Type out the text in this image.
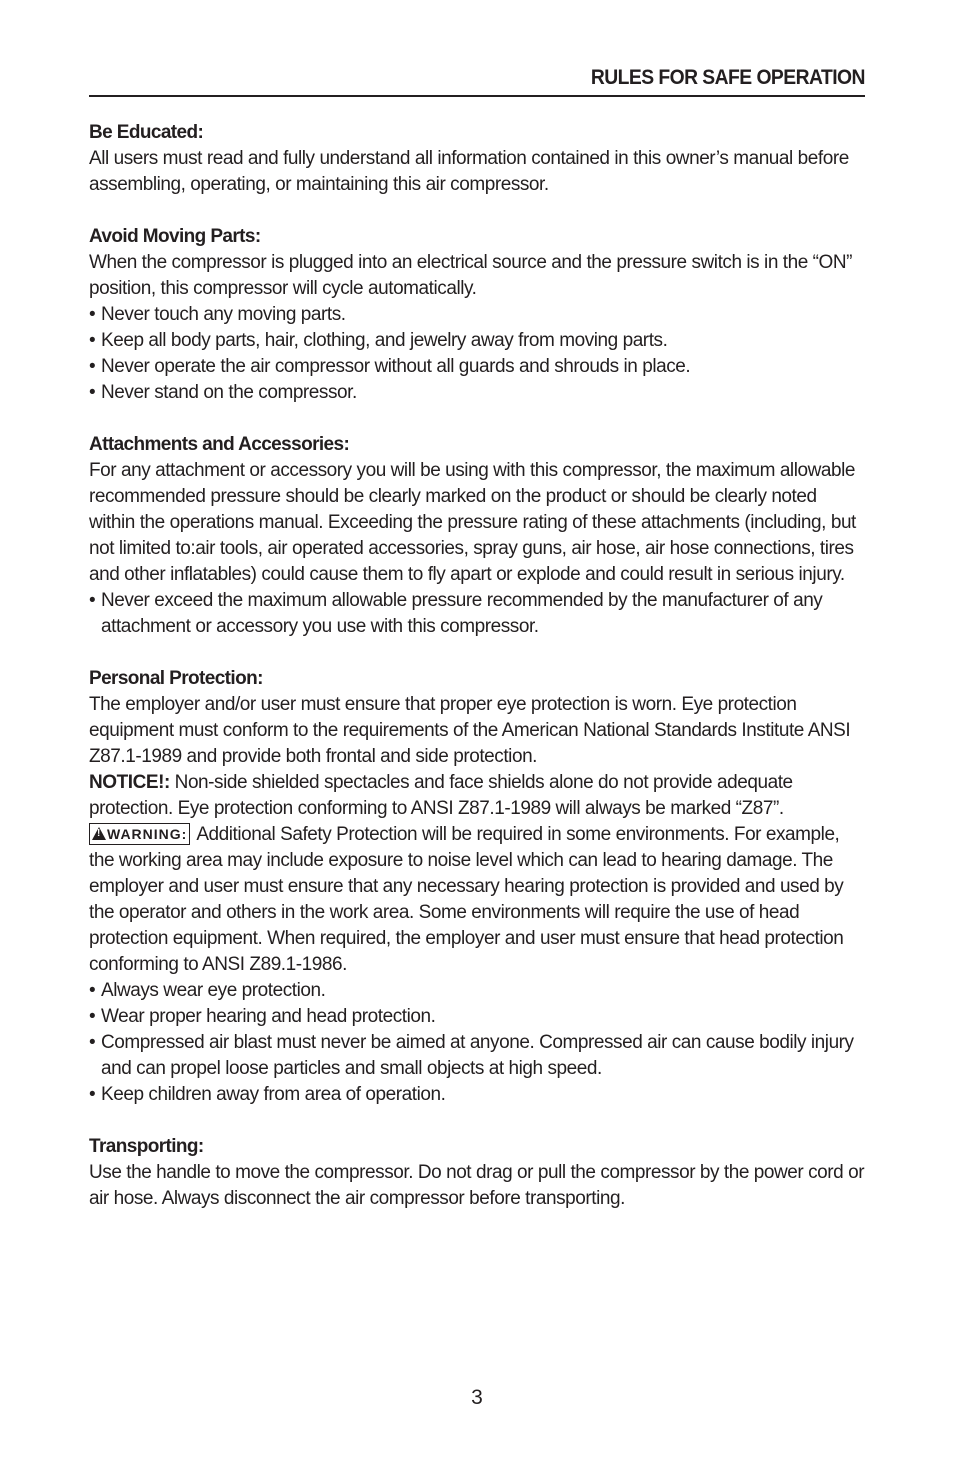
RULES FOR SAFE OPERATION

Be Educated:

All users must read and fully understand all information contained in this owner’s manual before assembling, operating, or maintaining this air compressor.

Avoid Moving Parts:

When the compressor is plugged into an electrical source and the pressure switch is in the “ON” position, this compressor will cycle automatically.

• Never touch any moving parts.

• Keep all body parts, hair, clothing, and jewelry away from moving parts.

• Never operate the air compressor without all guards and shrouds in place.

• Never stand on the compressor.

Attachments and Accessories:

For any attachment or accessory you will be using with this compressor, the maximum allowable recommended pressure should be clearly marked on the product or should be clearly noted within the operations manual. Exceeding the pressure rating of these attachments (including, but not limited to:air tools, air operated accessories, spray guns, air hose, air hose connections, tires and other inflatables) could cause them to fly apart or explode and could result in serious injury.

• Never exceed the maximum allowable pressure recommended by the manufacturer of any attachment or accessory you use with this compressor.

Personal Protection:

The employer and/or user must ensure that proper eye protection is worn. Eye protection equipment must conform to the requirements of the American National Standards Institute ANSI Z87.1-1989 and provide both frontal and side protection.

NOTICE!: Non-side shielded spectacles and face shields alone do not provide adequate protection. Eye protection conforming to ANSI Z87.1-1989 will always be marked “Z87”.

!WARNING: Additional Safety Protection will be required in some environments. For example, the working area may include exposure to noise level which can lead to hearing damage. The employer and user must ensure that any necessary hearing protection is provided and used by the operator and others in the work area. Some environments will require the use of head protection equipment. When required, the employer and user must ensure that head protection conforming to ANSI Z89.1-1986.

• Always wear eye protection.

• Wear proper hearing and head protection.

• Compressed air blast must never be aimed at anyone. Compressed air can cause bodily injury and can propel loose particles and small objects at high speed.

• Keep children away from area of operation.

Transporting:

Use the handle to move the compressor. Do not drag or pull the compressor by the power cord or air hose. Always disconnect the air compressor before transporting.

3
